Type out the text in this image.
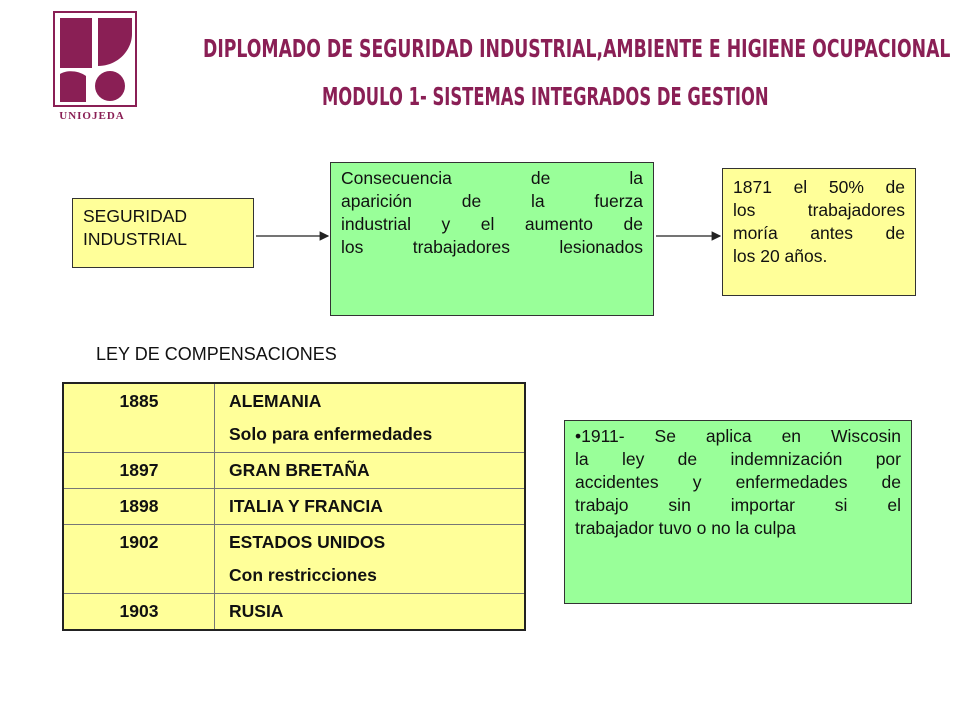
UNIOJEDA
DIPLOMADO DE SEGURIDAD INDUSTRIAL,AMBIENTE E HIGIENE OCUPACIONAL
MODULO 1- SISTEMAS INTEGRADOS DE GESTION
SEGURIDAD
INDUSTRIAL
Consecuencia de la
aparición de la fuerza
industrial y el aumento de
los trabajadores lesionados
1871 el 50% de
los trabajadores
moría antes de
los 20 años.
LEY DE COMPENSACIONES
1885	ALEMANIA
Solo para enfermedades

1897	GRAN BRETAÑA
1898	ITALIA Y FRANCIA
1902	ESTADOS UNIDOS
Con restricciones

1903	RUSIA
•1911- Se aplica en Wiscosin
la ley de indemnización por
accidentes y enfermedades de
trabajo sin importar si el
trabajador tuvo o no la culpa
